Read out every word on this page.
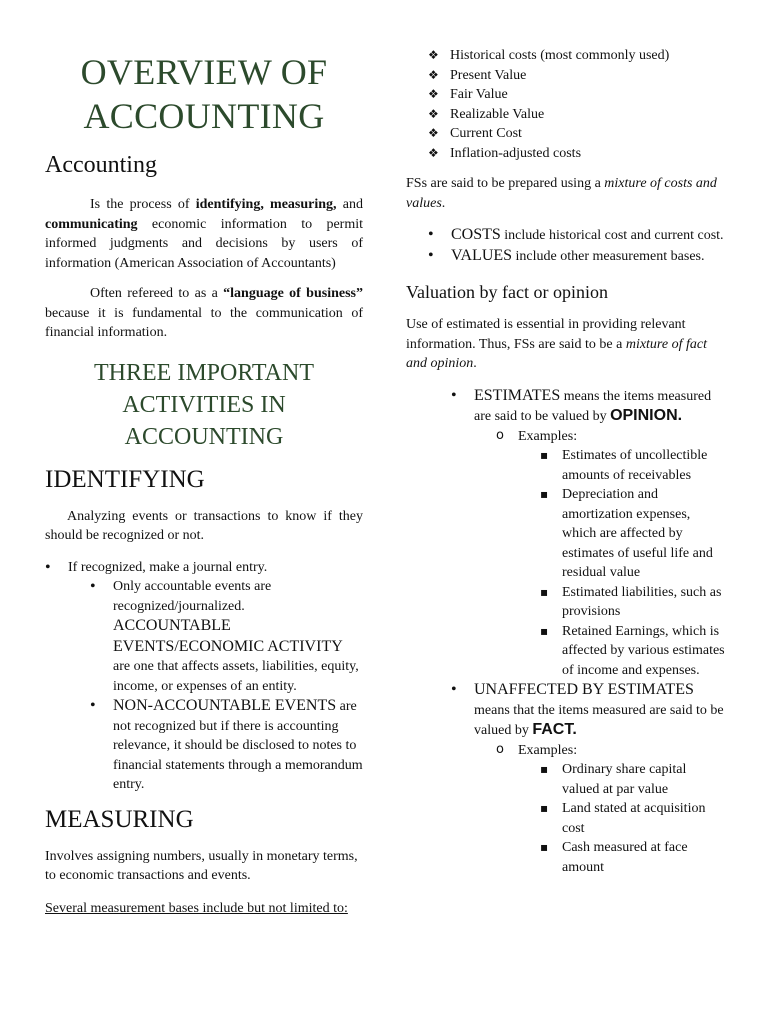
OVERVIEW OF
ACCOUNTING
Accounting

Is the process of identifying, measuring, and communicating economic information to permit informed judgments and decisions by users of information (American Association of Accountants)

Often refereed to as a “language of business” because it is fundamental to the communication of financial information.

THREE IMPORTANT
ACTIVITIES IN
ACCOUNTING
IDENTIFYING

Analyzing events or transactions to know if they should be recognized or not.

• If recognized, make a journal entry.
• Only accountable events are recognized/journalized.
ACCOUNTABLE EVENTS/ECONOMIC ACTIVITY are one that affects assets, liabilities, equity, income, or expenses of an entity.
• NON-ACCOUNTABLE EVENTS are not recognized but if there is accounting relevance, it should be disclosed to notes to financial statements through a memorandum entry.
MEASURING

Involves assigning numbers, usually in monetary terms, to economic transactions and events.

Several measurement bases include but not limited to:

❖ Historical costs (most commonly used)
❖ Present Value
❖ Fair Value
❖ Realizable Value
❖ Current Cost
❖ Inflation-adjusted costs

FSs are said to be prepared using a mixture of costs and values.

• COSTS include historical cost and current cost.
• VALUES include other measurement bases.
Valuation by fact or opinion

Use of estimated is essential in providing relevant information. Thus, FSs are said to be a mixture of fact and opinion.

• ESTIMATES means the items measured are said to be valued by OPINION.
o Examples:
▪ Estimates of uncollectible amounts of receivables
▪ Depreciation and amortization expenses, which are affected by estimates of useful life and residual value
▪ Estimated liabilities, such as provisions
▪ Retained Earnings, which is affected by various estimates of income and expenses.
• UNAFFECTED BY ESTIMATES means that the items measured are said to be valued by FACT.
o Examples:
▪ Ordinary share capital valued at par value
▪ Land stated at acquisition cost
▪ Cash measured at face amount
